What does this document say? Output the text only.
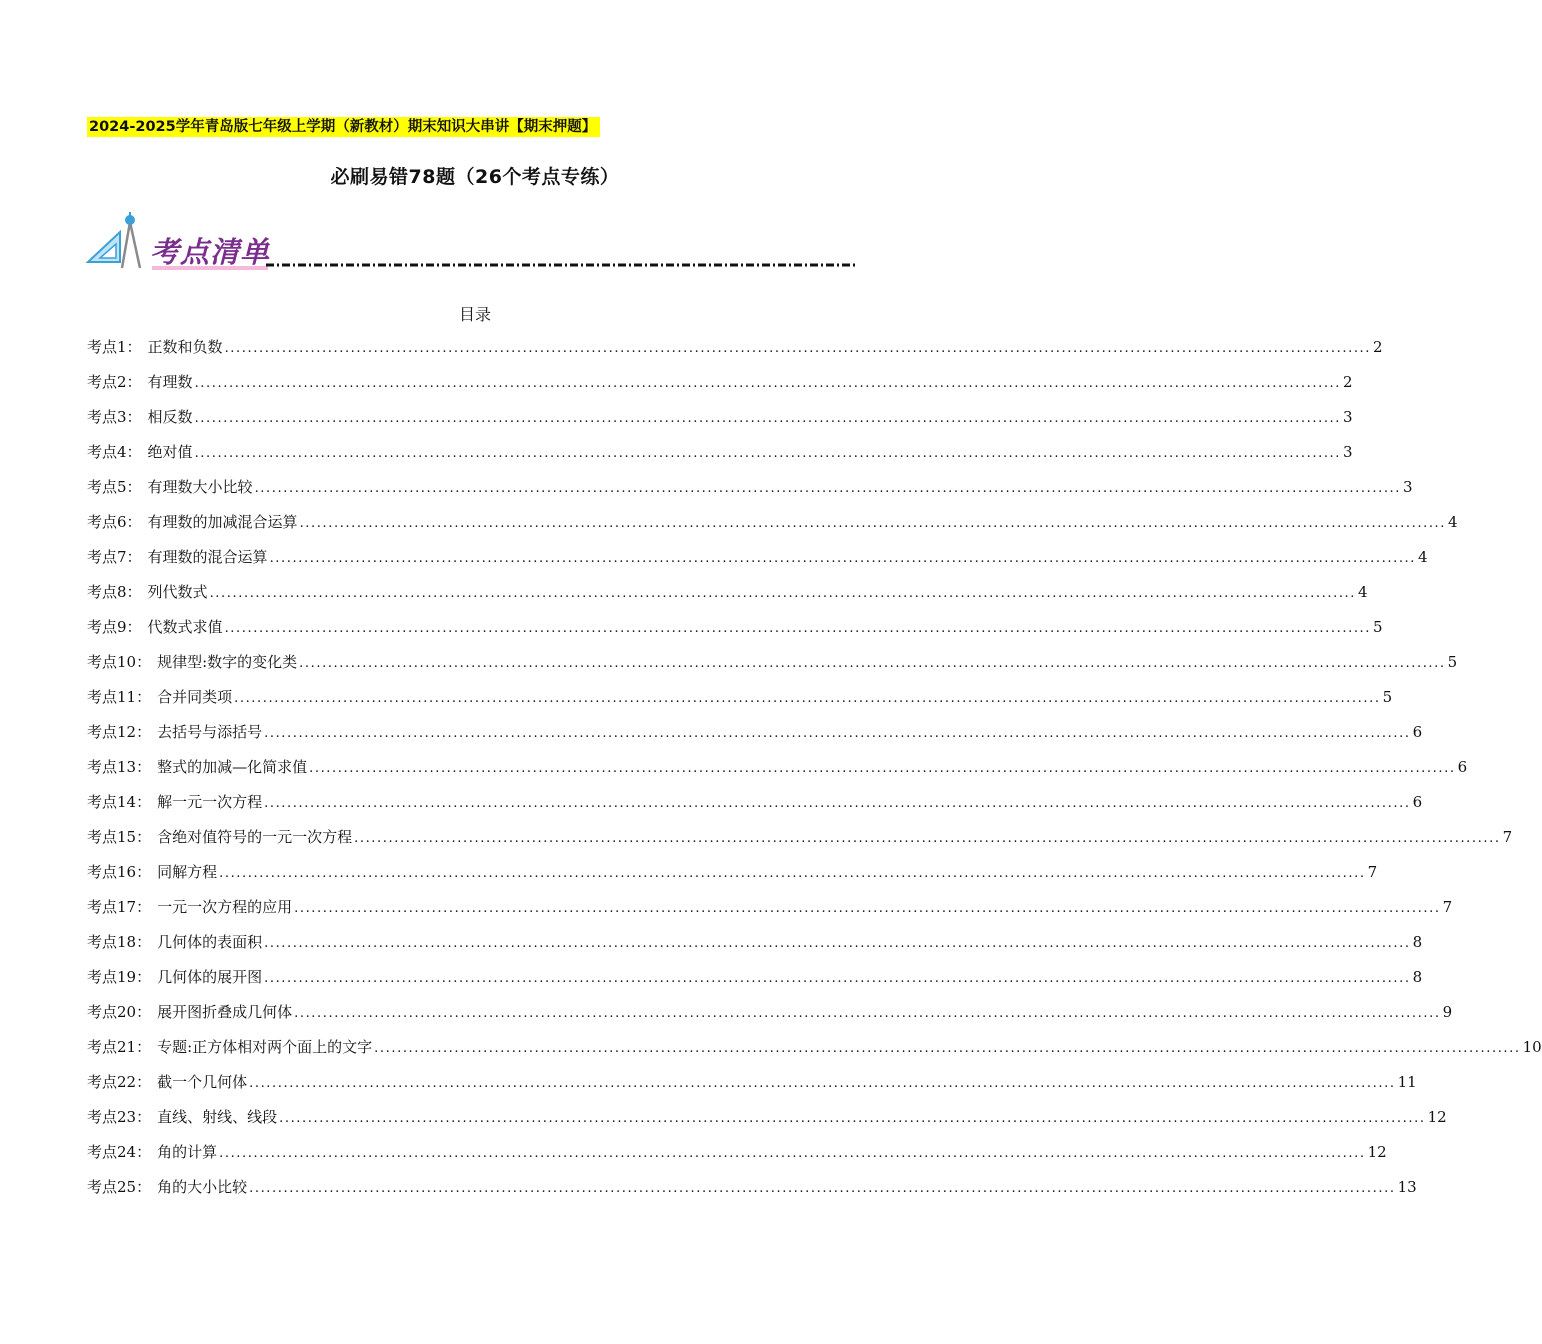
2024-2025学年青岛版七年级上学期（新教材）期末知识大串讲【期末押题】
必刷易错78题（26个考点专练）
考点清单
目录
考点1： 正数和负数 ........................................................................................................................................................................................................ 2
考点2： 有理数 ........................................................................................................................................................................................................ 2
考点3： 相反数 ........................................................................................................................................................................................................ 3
考点4： 绝对值 ........................................................................................................................................................................................................ 3
考点5： 有理数大小比较 ........................................................................................................................................................................................................ 3
考点6： 有理数的加减混合运算 ........................................................................................................................................................................................................ 4
考点7： 有理数的混合运算 ........................................................................................................................................................................................................ 4
考点8： 列代数式 ........................................................................................................................................................................................................ 4
考点9： 代数式求值 ........................................................................................................................................................................................................ 5
考点10： 规律型:数字的变化类 ........................................................................................................................................................................................................ 5
考点11： 合并同类项 ........................................................................................................................................................................................................ 5
考点12： 去括号与添括号 ........................................................................................................................................................................................................ 6
考点13： 整式的加减—化简求值 ........................................................................................................................................................................................................ 6
考点14： 解一元一次方程 ........................................................................................................................................................................................................ 6
考点15： 含绝对值符号的一元一次方程 ........................................................................................................................................................................................................ 7
考点16： 同解方程 ........................................................................................................................................................................................................ 7
考点17： 一元一次方程的应用 ........................................................................................................................................................................................................ 7
考点18： 几何体的表面积 ........................................................................................................................................................................................................ 8
考点19： 几何体的展开图 ........................................................................................................................................................................................................ 8
考点20： 展开图折叠成几何体 ........................................................................................................................................................................................................ 9
考点21： 专题:正方体相对两个面上的文字 ........................................................................................................................................................................................................ 10
考点22： 截一个几何体 ........................................................................................................................................................................................................ 11
考点23： 直线、射线、线段 ........................................................................................................................................................................................................ 12
考点24： 角的计算 ........................................................................................................................................................................................................ 12
考点25： 角的大小比较 ........................................................................................................................................................................................................ 13
